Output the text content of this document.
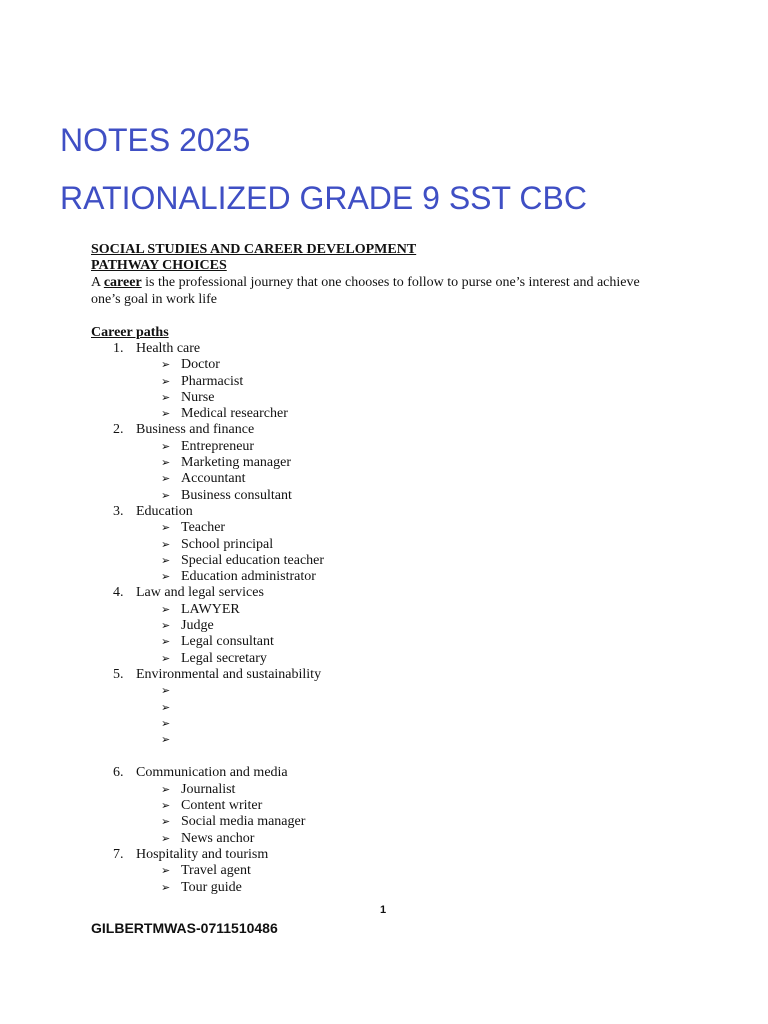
NOTES 2025
RATIONALIZED GRADE 9 SST CBC
SOCIAL STUDIES AND CAREER DEVELOPMENT
PATHWAY CHOICES

A career is the professional journey that one chooses to follow to purse one’s interest and achieve one’s goal in work life

Career paths
1. Health care
➢ Doctor
➢ Pharmacist
➢ Nurse
➢ Medical researcher
2. Business and finance
➢ Entrepreneur
➢ Marketing manager
➢ Accountant
➢ Business consultant
3. Education
➢ Teacher
➢ School principal
➢ Special education teacher
➢ Education administrator
4. Law and legal services
➢ LAWYER
➢ Judge
➢ Legal consultant
➢ Legal secretary
5. Environmental and sustainability
➢
➢
➢
➢
6. Communication and media
➢ Journalist
➢ Content writer
➢ Social media manager
➢ News anchor
7. Hospitality and tourism
➢ Travel agent
➢ Tour guide
1
GILBERTMWAS-0711510486
